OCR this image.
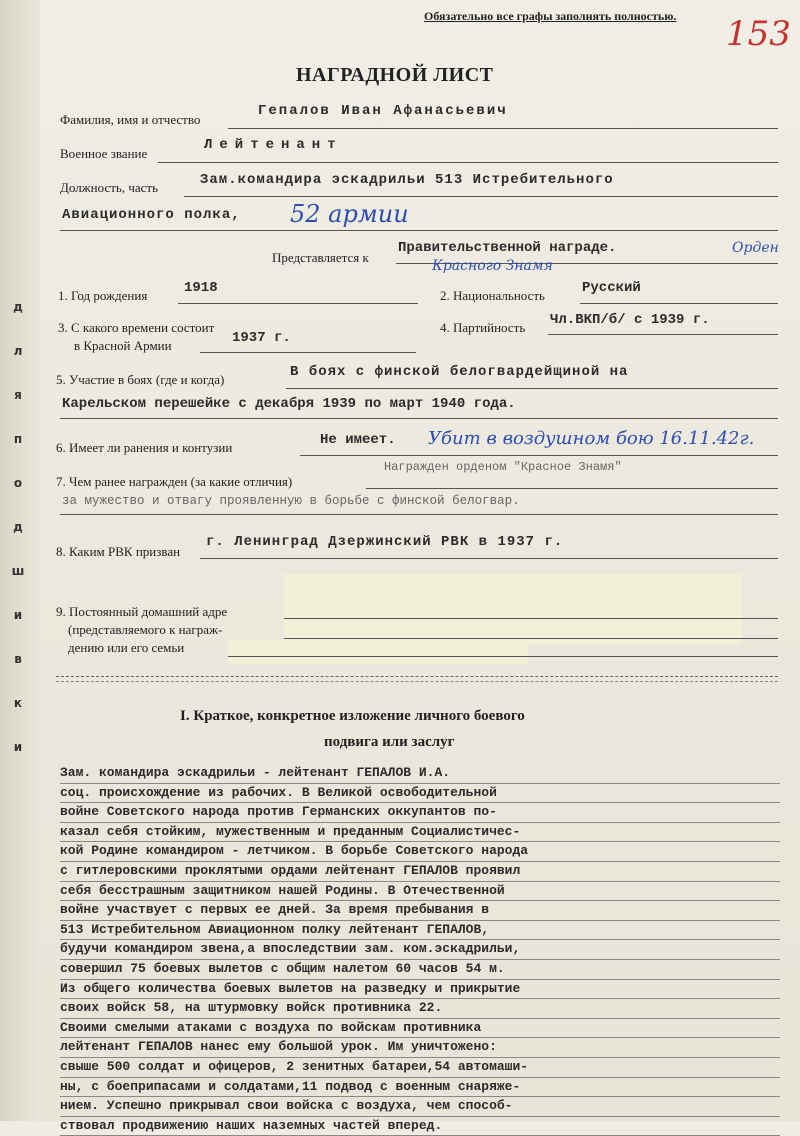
д
л
я
п
о
д
ш
и
в
к
и
Обязательно все графы заполнять полностью. 153
НАГРАДНОЙ ЛИСТ
Фамилия, имя и отчество
Гепалов Иван Афанасьевич
Военное звание
Лейтенант
Должность, часть	Зам.командира эскадрильи 513 Истребительного
Авиационного полка, 52 армии
Представляется к
Правительственной награде.
Красного Знамя
Орден
1. Год рождения	1918	2. Национальность	Русский
3. С какого времени состоит
в Красной Армии	1937 г.
4. Партийность Чл.ВКП/б/ с 1939 г.
5. Участие в боях (где и когда)	В боях с финской белогвардейщиной на
Карельском перешейке с декабря 1939 по март 1940 года.
6. Имеет ли ранения и контузии	Не имеет. Убит в воздушном бою 16.11.42г.
7. Чем ранее награжден (за какие отличия)
Награжден орденом "Красное Знамя"
за мужество и отвагу проявленную в борьбе с финской белогвар.
8. Каким РВК призван
г. Ленинград Дзержинский РВК в 1937 г.
9. Постоянный домашний адре
(представляемого к награж-
дению или его семьи
I. Краткое, конкретное изложение личного боевого
подвига или заслуг
Зам. командира эскадрильи - лейтенант ГЕПАЛОВ И.А.
соц. происхождение из рабочих. В Великой освободительной
войне Советского народа против Германских оккупантов по-
казал себя стойким, мужественным и преданным Социалистичес-
кой Родине командиром - летчиком. В борьбе Советского народа
с гитлеровскими проклятыми ордами лейтенант ГЕПАЛОВ проявил
себя бесстрашным защитником нашей Родины. В Отечественной
войне участвует с первых ее дней. За время пребывания в
513 Истребительном Авиационном полку лейтенант ГЕПАЛОВ,
будучи командиром звена,а впоследствии зам. ком.эскадрильи,
совершил 75 боевых вылетов с общим налетом 60 часов 54 м.
Из общего количества боевых вылетов на разведку и прикрытие
своих войск 58, на штурмовку войск противника 22.
Своими смелыми атаками с воздуха по войскам противника
лейтенант ГЕПАЛОВ нанес ему большой урок. Им уничтожено:
свыше 500 солдат и офицеров, 2 зенитных батареи,54 автомаши-
ны, с боеприпасами и солдатами,11 подвод с военным снаряже-
нием. Успешно прикрывал свои войска с воздуха, чем способ-
ствовал продвижению наших наземных частей вперед.
